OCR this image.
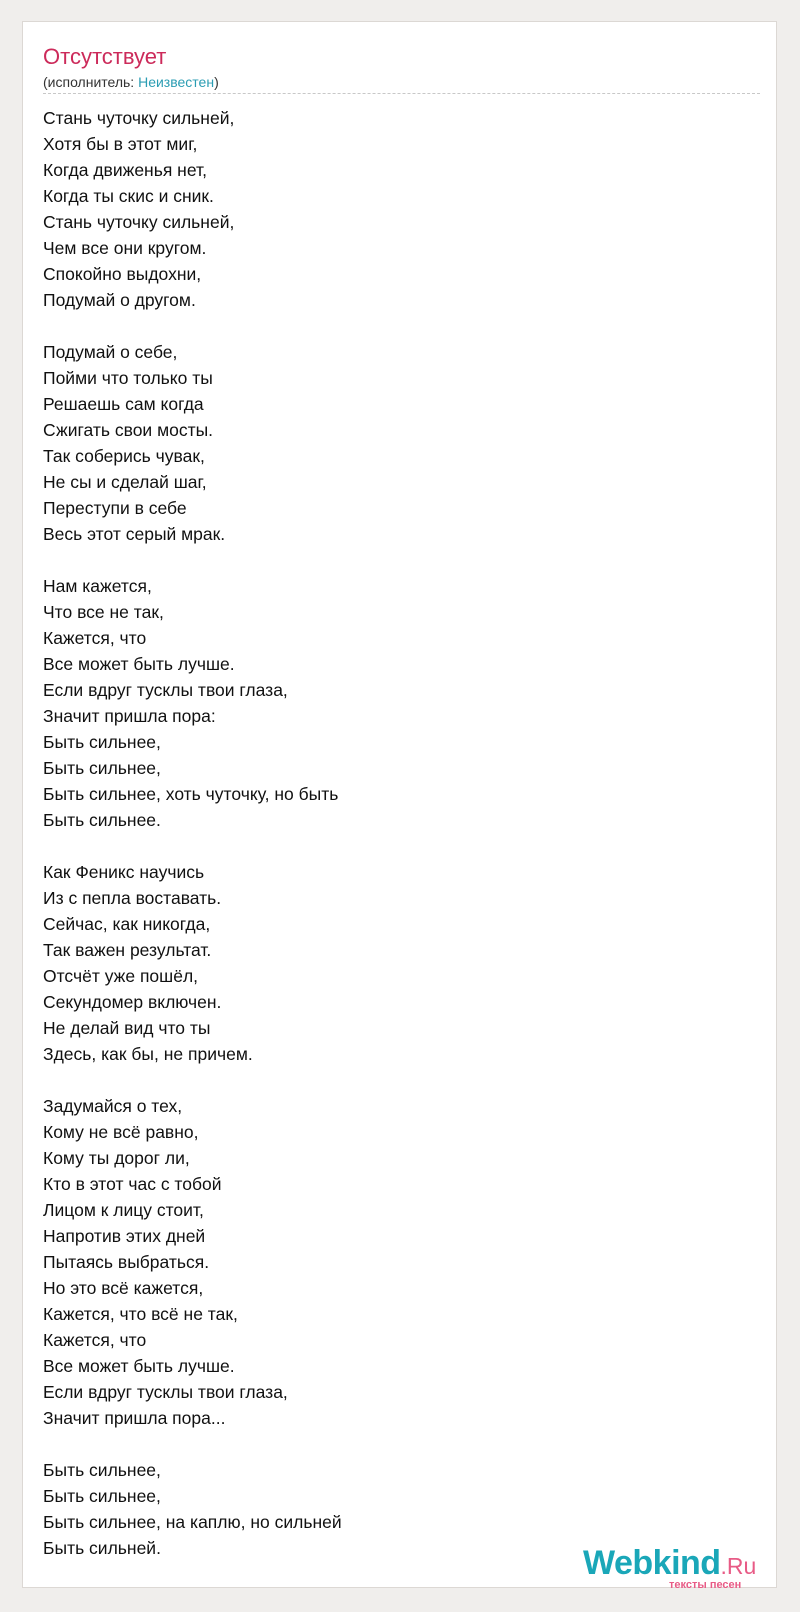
Отсутствует
(исполнитель: Неизвестен)
Стань чуточку сильней,
Хотя бы в этот миг,
Когда движенья нет,
Когда ты скис и сник.
Стань чуточку сильней,
Чем все они кругом.
Спокойно выдохни,
Подумай о другом.
Подумай о себе,
Пойми что только ты
Решаешь сам когда
Сжигать свои мосты.
Так соберись чувак,
Не сы и сделай шаг,
Переступи в себе
Весь этот серый мрак.
Нам кажется,
Что все не так,
Кажется, что
Все может быть лучше.
Если вдруг тусклы твои глаза,
Значит пришла пора:
Быть сильнее,
Быть сильнее,
Быть сильнее, хоть чуточку, но быть
Быть сильнее.
Как Феникс научись
Из с пепла воставать.
Сейчас, как никогда,
Так важен результат.
Отсчёт уже пошёл,
Секундомер включен.
Не делай вид что ты
Здесь, как бы, не причем.
Задумайся о тех,
Кому не всё равно,
Кому ты дорог ли,
Кто в этот час с тобой
Лицом к лицу стоит,
Напротив этих дней
Пытаясь выбраться.
Но это всё кажется,
Кажется, что всё не так,
Кажется, что
Все может быть лучше.
Если вдруг тусклы твои глаза,
Значит пришла пора...
Быть сильнее,
Быть сильнее,
Быть сильнее, на каплю, но сильней
Быть сильней.	Webkind.Ru
тексты песен
